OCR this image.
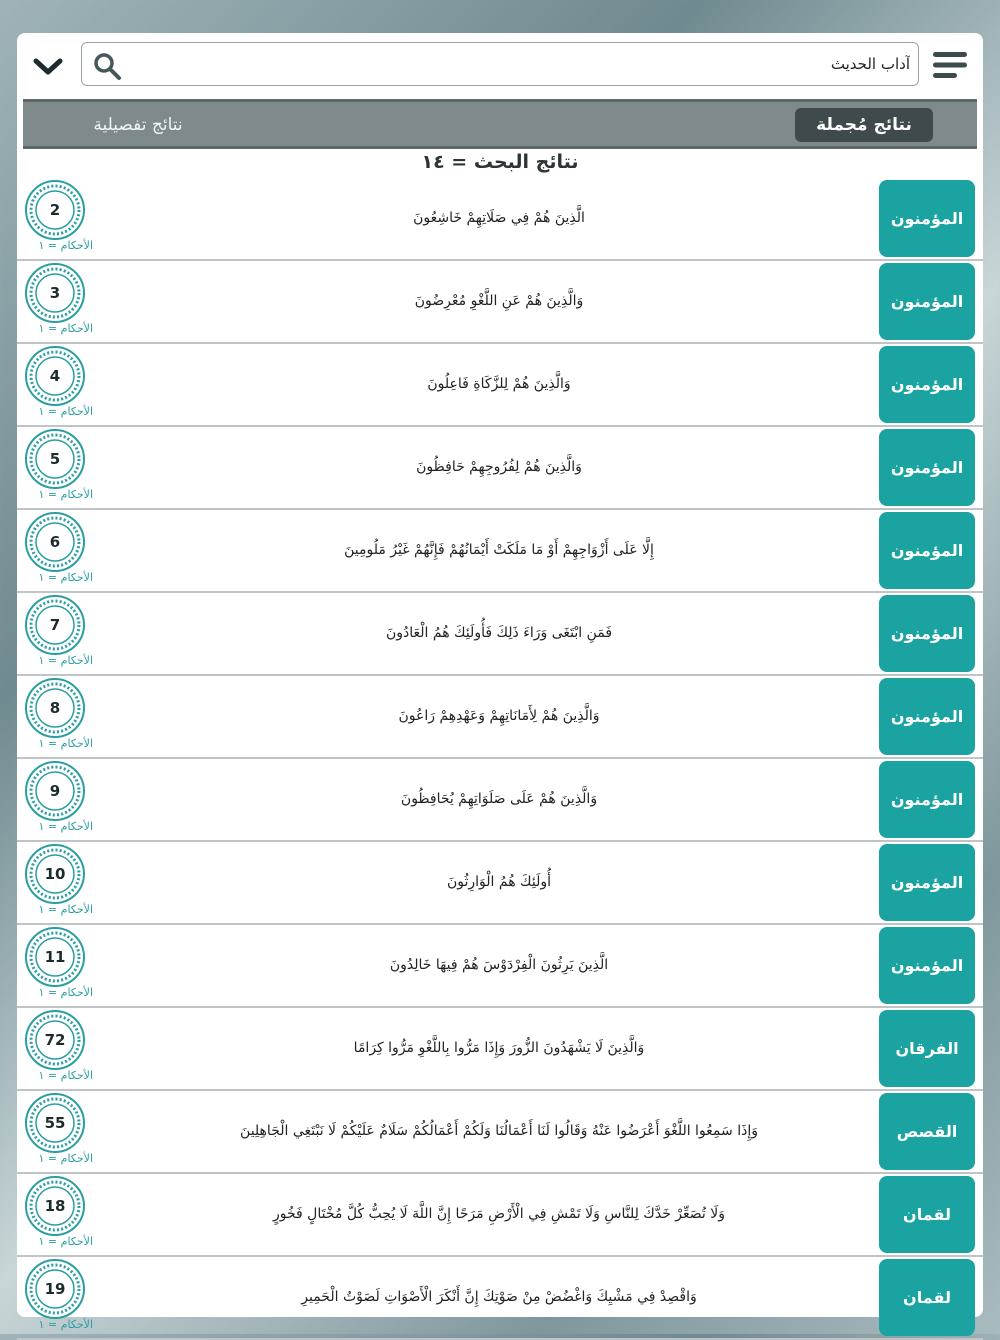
آداب الحديث
نتائج مُجملة
نتائج تفصيلية
نتائج البحث = ١٤
المؤمنون
الَّذِينَ هُمْ فِي صَلَاتِهِمْ خَاشِعُونَ
2
الأحكام = ١
المؤمنون
وَالَّذِينَ هُمْ عَنِ اللَّغْوِ مُعْرِضُونَ
3
الأحكام = ١
المؤمنون
وَالَّذِينَ هُمْ لِلزَّكَاةِ فَاعِلُونَ
4
الأحكام = ١
المؤمنون
وَالَّذِينَ هُمْ لِفُرُوجِهِمْ حَافِظُونَ
5
الأحكام = ١
المؤمنون
إِلَّا عَلَى أَزْوَاجِهِمْ أَوْ مَا مَلَكَتْ أَيْمَانُهُمْ فَإِنَّهُمْ غَيْرُ مَلُومِينَ
6
الأحكام = ١
المؤمنون
فَمَنِ ابْتَغَى وَرَاءَ ذَلِكَ فَأُولَئِكَ هُمُ الْعَادُونَ
7
الأحكام = ١
المؤمنون
وَالَّذِينَ هُمْ لِأَمَانَاتِهِمْ وَعَهْدِهِمْ رَاعُونَ
8
الأحكام = ١
المؤمنون
وَالَّذِينَ هُمْ عَلَى صَلَوَاتِهِمْ يُحَافِظُونَ
9
الأحكام = ١
المؤمنون
أُولَئِكَ هُمُ الْوَارِثُونَ
10
الأحكام = ١
المؤمنون
الَّذِينَ يَرِثُونَ الْفِرْدَوْسَ هُمْ فِيهَا خَالِدُونَ
11
الأحكام = ١
الفرقان
وَالَّذِينَ لَا يَشْهَدُونَ الزُّورَ وَإِذَا مَرُّوا بِاللَّغْوِ مَرُّوا كِرَامًا
72
الأحكام = ١
القصص
وَإِذَا سَمِعُوا اللَّغْوَ أَعْرَضُوا عَنْهُ وَقَالُوا لَنَا أَعْمَالُنَا وَلَكُمْ أَعْمَالُكُمْ سَلَامٌ عَلَيْكُمْ لَا نَبْتَغِي الْجَاهِلِينَ
55
الأحكام = ١
لقمان
وَلَا تُصَعِّرْ خَدَّكَ لِلنَّاسِ وَلَا تَمْشِ فِي الْأَرْضِ مَرَحًا إِنَّ اللَّهَ لَا يُحِبُّ كُلَّ مُخْتَالٍ فَخُورٍ
18
الأحكام = ١
لقمان
وَاقْصِدْ فِي مَشْيِكَ وَاغْضُضْ مِنْ صَوْتِكَ إِنَّ أَنْكَرَ الْأَصْوَاتِ لَصَوْتُ الْحَمِيرِ
19
الأحكام = ١
